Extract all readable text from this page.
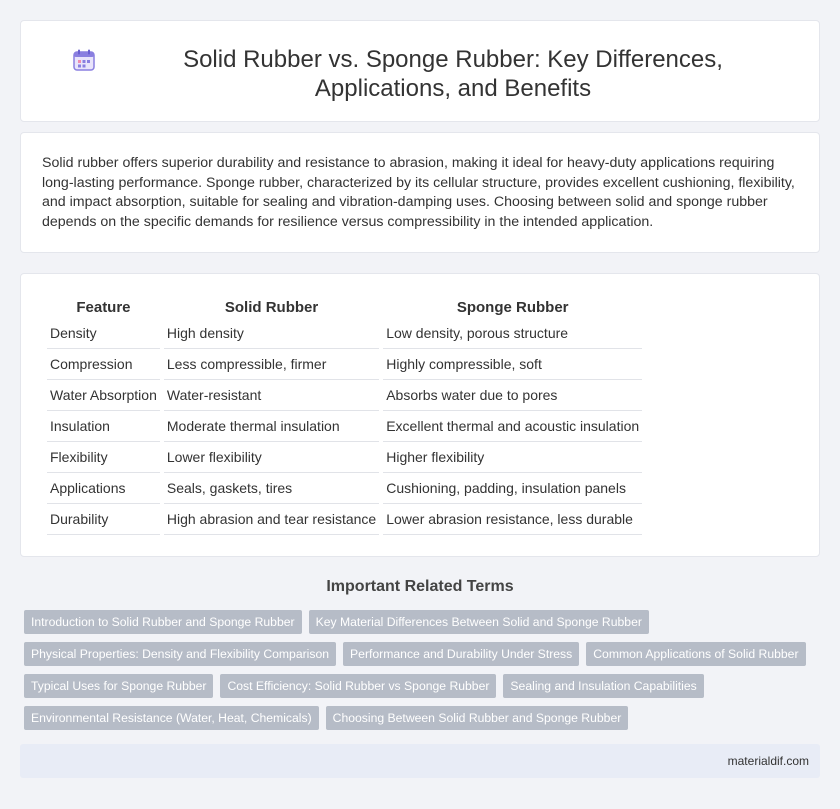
Solid Rubber vs. Sponge Rubber: Key Differences, Applications, and Benefits

Solid rubber offers superior durability and resistance to abrasion, making it ideal for heavy-duty applications requiring long-lasting performance. Sponge rubber, characterized by its cellular structure, provides excellent cushioning, flexibility, and impact absorption, suitable for sealing and vibration-damping uses. Choosing between solid and sponge rubber depends on the specific demands for resilience versus compressibility in the intended application.

Feature	Solid Rubber	Sponge Rubber
Density	High density	Low density, porous structure
Compression	Less compressible, firmer	Highly compressible, soft
Water Absorption	Water-resistant	Absorbs water due to pores
Insulation	Moderate thermal insulation	Excellent thermal and acoustic insulation
Flexibility	Lower flexibility	Higher flexibility
Applications	Seals, gaskets, tires	Cushioning, padding, insulation panels
Durability	High abrasion and tear resistance	Lower abrasion resistance, less durable
Important Related Terms
Introduction to Solid Rubber and Sponge Rubber	Key Material Differences Between Solid and Sponge Rubber
Physical Properties: Density and Flexibility Comparison	Performance and Durability Under Stress	Common Applications of Solid Rubber
Typical Uses for Sponge Rubber	Cost Efficiency: Solid Rubber vs Sponge Rubber	Sealing and Insulation Capabilities
Environmental Resistance (Water, Heat, Chemicals)	Choosing Between Solid Rubber and Sponge Rubber
materialdif.com
